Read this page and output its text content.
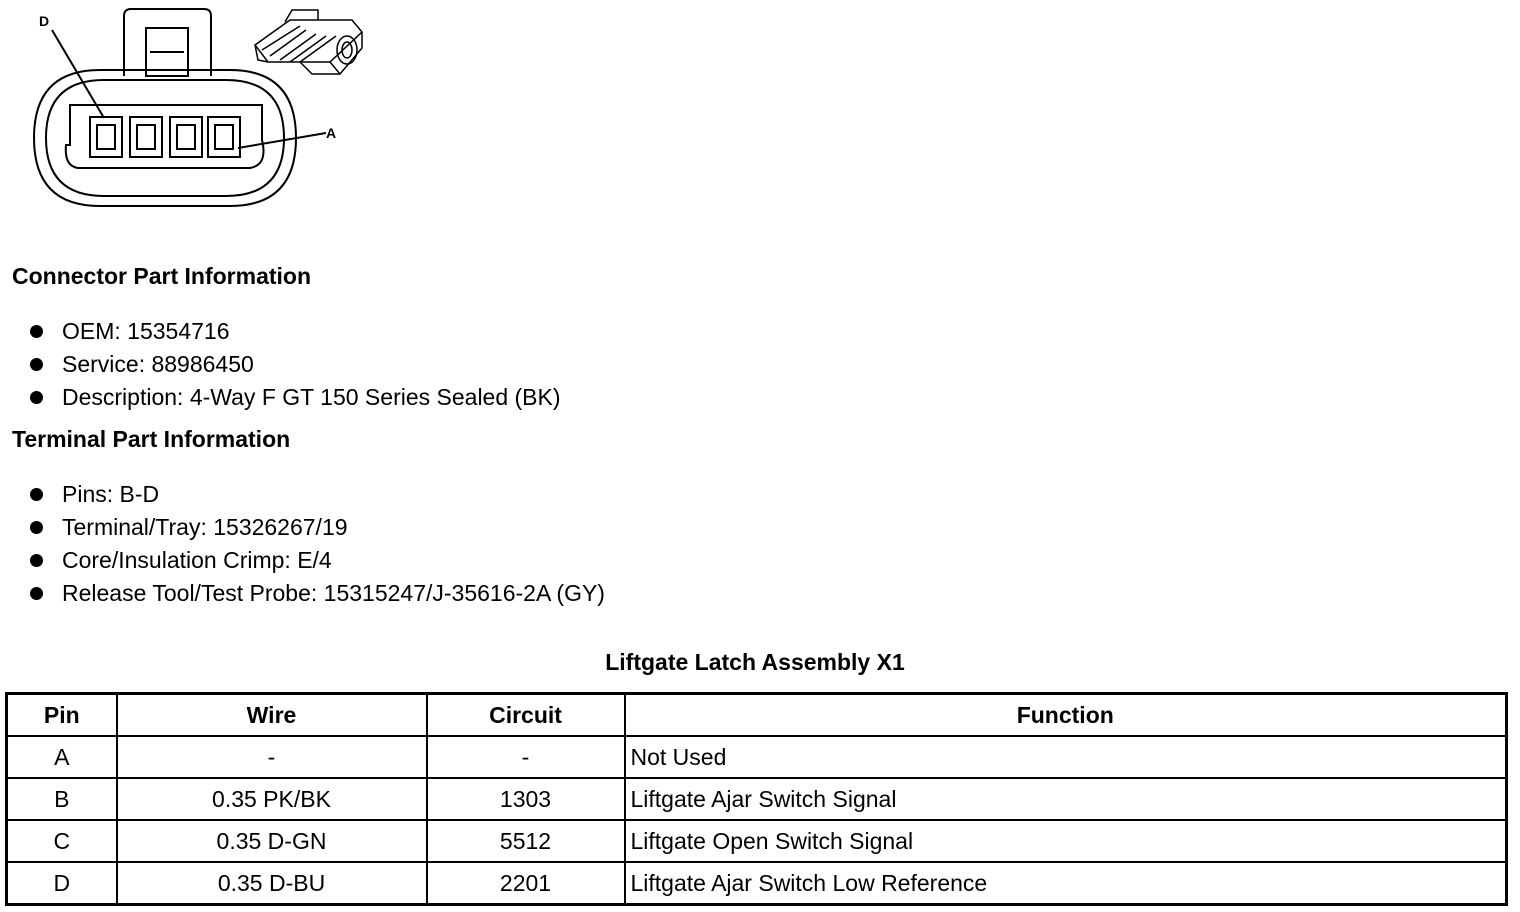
D
A
Connector Part Information
OEM: 15354716
Service: 88986450
Description: 4-Way F GT 150 Series Sealed (BK)
Terminal Part Information
Pins: B-D
Terminal/Tray: 15326267/19
Core/Insulation Crimp: E/4
Release Tool/Test Probe: 15315247/J-35616-2A (GY)
Liftgate Latch Assembly X1
Pin	Wire	Circuit	Function
A	-	-	Not Used
B	0.35 PK/BK	1303	Liftgate Ajar Switch Signal
C	0.35 D-GN	5512	Liftgate Open Switch Signal
D	0.35 D-BU	2201	Liftgate Ajar Switch Low Reference
